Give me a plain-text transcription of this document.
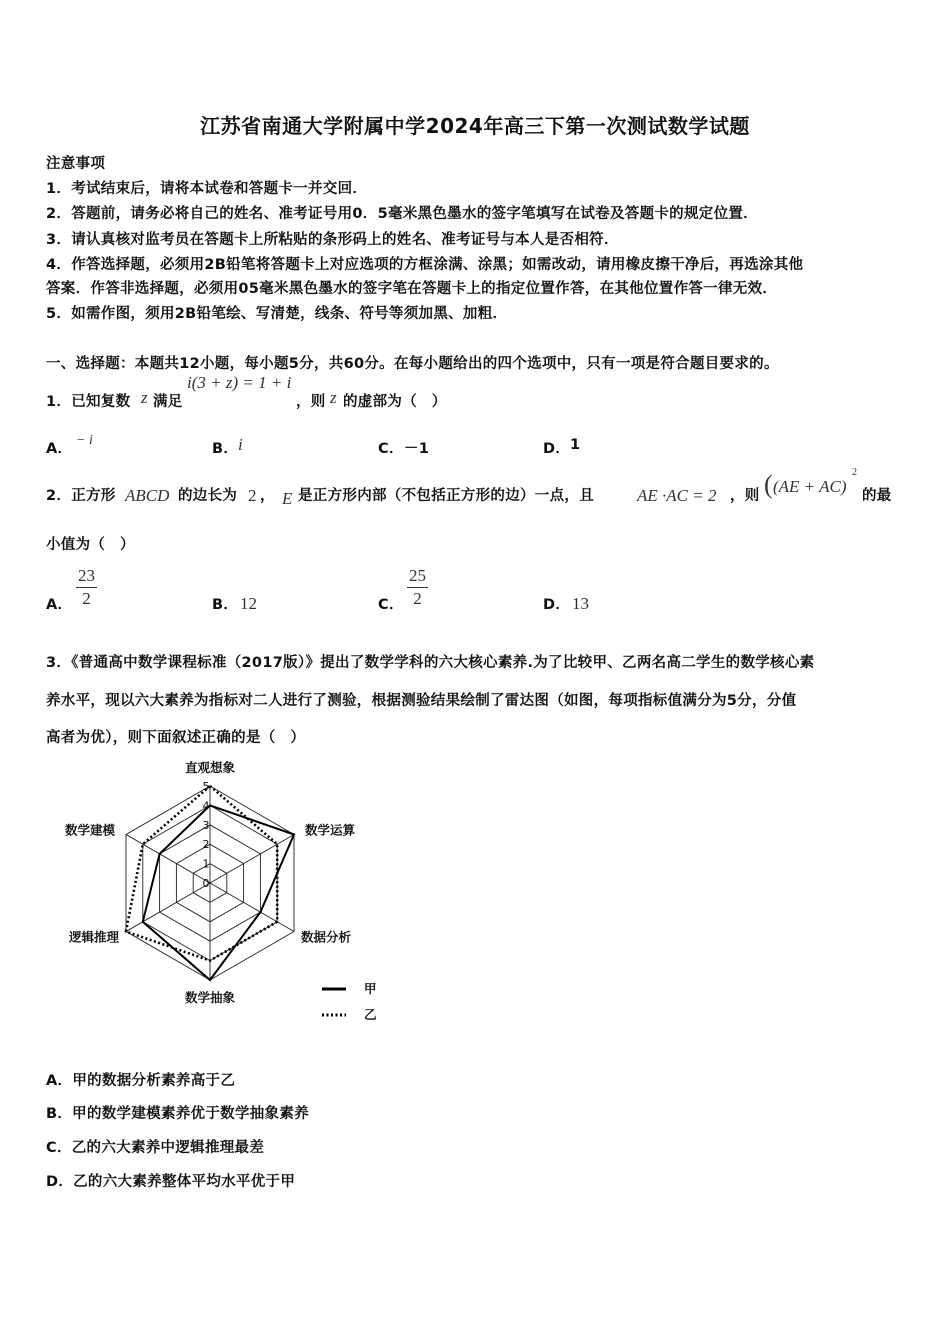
江苏省南通大学附属中学2024年高三下第一次测试数学试题
注意事项
1．考试结束后，请将本试卷和答题卡一并交回．
2．答题前，请务必将自己的姓名、准考证号用0．5毫米黑色墨水的签字笔填写在试卷及答题卡的规定位置．
3．请认真核对监考员在答题卡上所粘贴的条形码上的姓名、准考证号与本人是否相符．
4．作答选择题，必须用2B铅笔将答题卡上对应选项的方框涂满、涂黑；如需改动，请用橡皮擦干净后，再选涂其他
答案．作答非选择题，必须用05毫米黑色墨水的签字笔在答题卡上的指定位置作答，在其他位置作答一律无效．
5．如需作图，须用2B铅笔绘、写清楚，线条、符号等须加黑、加粗．
一、选择题：本题共12小题，每小题5分，共60分。在每小题给出的四个选项中，只有一项是符合题目要求的。
1．已知复数 z 满足
i(3 + z) = 1 + i
，则 z 的虚部为（　）
A．
− i
B． i	C． －1	D． 1
2．正方形 ABCD 的边长为 2 ， E 是正方形内部（不包括正方形的边）一点，且	AE ·AC = 2 ，则 ( (AE + AC)
2
的最
小值为（　）
A．
23
2	B． 12	C．
25
2	D． 13
3．《普通高中数学课程标准（2017版）》提出了数学学科的六大核心素养.为了比较甲、乙两名高二学生的数学核心素
养水平，现以六大素养为指标对二人进行了测验，根据测验结果绘制了雷达图（如图，每项指标值满分为5分，分值
高者为优），则下面叙述正确的是（　）
0
1
2
3
4
5
直观想象
数学运算
数据分析
数学抽象
逻辑推理
数学建模
甲
乙
A．甲的数据分析素养高于乙
B．甲的数学建模素养优于数学抽象素养
C．乙的六大素养中逻辑推理最差
D．乙的六大素养整体平均水平优于甲
